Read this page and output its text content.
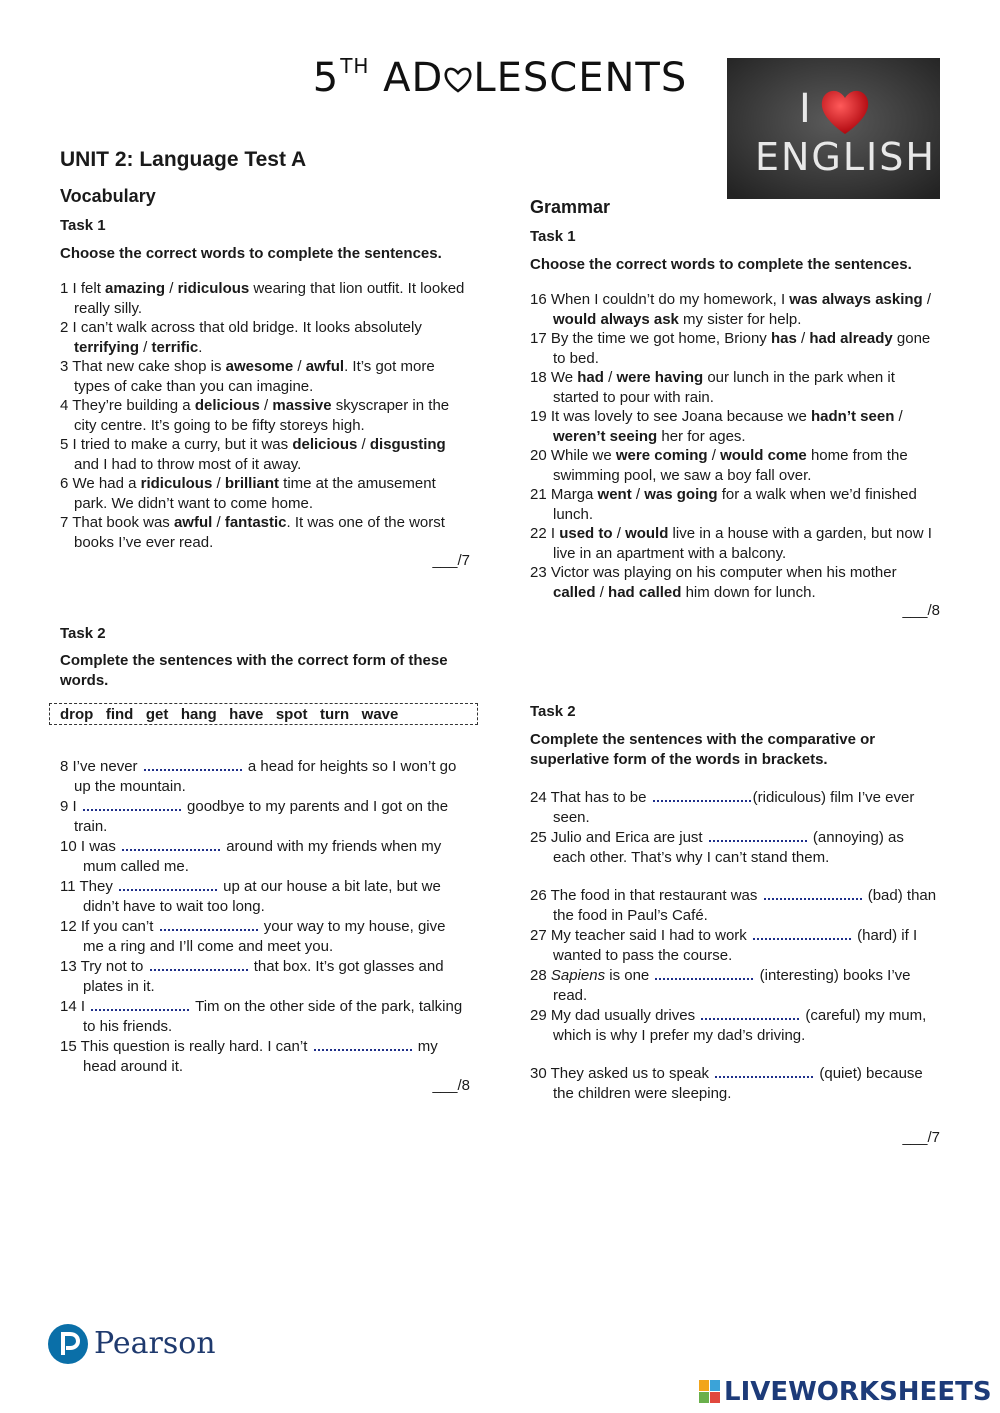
5TH AD LESCENTS
I
ENGLISH
UNIT 2: Language Test A
Vocabulary
Task 1
Choose the correct words to complete the sentences.
1 I felt amazing / ridiculous wearing that lion outfit. It looked really silly.
2 I can’t walk across that old bridge. It looks absolutely terrifying / terrific.
3 That new cake shop is awesome / awful. It’s got more types of cake than you can imagine.
4 They’re building a delicious / massive skyscraper in the city centre. It’s going to be fifty storeys high.
5 I tried to make a curry, but it was delicious / disgusting and I had to throw most of it away.
6 We had a ridiculous / brilliant time at the amusement park. We didn’t want to come home.
7 That book was awful / fantastic. It was one of the worst books I’ve ever read.
___/7
Task 2
Complete the sentences with the correct form of these words.
drop   find   get   hang   have   spot   turn   wave
8 I’ve never	a head for heights so I won’t go up the mountain.
9 I	goodbye to my parents and I got on the train.
10 I was	around with my friends when my mum called me.
11 They	up at our house a bit late, but we didn’t have to wait too long.
12 If you can’t	your way to my house, give me a ring and I’ll come and meet you.
13 Try not to	that box. It’s got glasses and plates in it.
14 I	Tim on the other side of the park, talking to his friends.
15 This question is really hard. I can’t	my head around it.
___/8
Grammar
Task 1
Choose the correct words to complete the sentences.
16 When I couldn’t do my homework, I was always asking / would always ask my sister for help.
17 By the time we got home, Briony has / had already gone to bed.
18 We had / were having our lunch in the park when it started to pour with rain.
19 It was lovely to see Joana because we hadn’t seen / weren’t seeing her for ages.
20 While we were coming / would come home from the swimming pool, we saw a boy fall over.
21 Marga went / was going for a walk when we’d finished lunch.
22 I used to / would live in a house with a garden, but now I live in an apartment with a balcony.
23 Victor was playing on his computer when his mother called / had called him down for lunch.
___/8
Task 2
Complete the sentences with the comparative or superlative form of the words in brackets.
24 That has to be	(ridiculous) film I’ve ever seen.
25 Julio and Erica are just	(annoying) as each other. That’s why I can’t stand them.
26 The food in that restaurant was	(bad) than the food in Paul’s Café.
27 My teacher said I had to work	(hard) if I wanted to pass the course.
28 Sapiens is one	(interesting) books I’ve read.
29 My dad usually drives	(careful) my mum, which is why I prefer my dad’s driving.
30 They asked us to speak	(quiet) because the children were sleeping.
___/7
Pearson
LIVEWORKSHEETS
